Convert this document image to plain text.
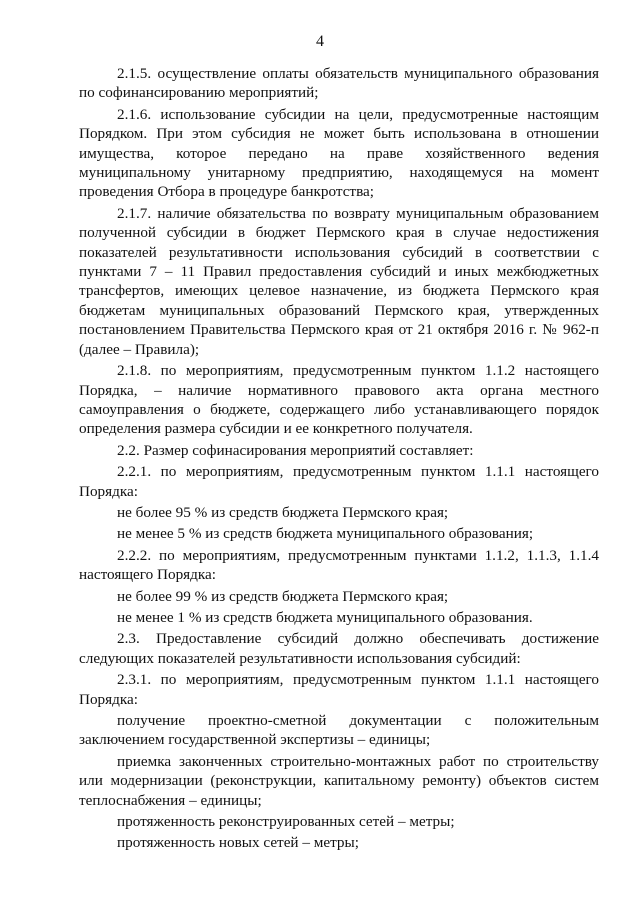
4

2.1.5. осуществление оплаты обязательств муниципального образования по софинансированию мероприятий;

2.1.6. использование субсидии на цели, предусмотренные настоящим Порядком. При этом субсидия не может быть использована в отношении имущества, которое передано на праве хозяйственного ведения муниципальному унитарному предприятию, находящемуся на момент проведения Отбора в процедуре банкротства;

2.1.7. наличие обязательства по возврату муниципальным образованием полученной субсидии в бюджет Пермского края в случае недостижения показателей результативности использования субсидий в соответствии с пунктами 7 – 11 Правил предоставления субсидий и иных межбюджетных трансфертов, имеющих целевое назначение, из бюджета Пермского края бюджетам муниципальных образований Пермского края, утвержденных постановлением Правительства Пермского края от 21 октября 2016 г. № 962-п (далее – Правила);

2.1.8. по мероприятиям, предусмотренным пунктом 1.1.2 настоящего Порядка, – наличие нормативного правового акта органа местного самоуправления о бюджете, содержащего либо устанавливающего порядок определения размера субсидии и ее конкретного получателя.

2.2. Размер софинасирования мероприятий составляет:

2.2.1. по мероприятиям, предусмотренным пунктом 1.1.1 настоящего Порядка:

не более 95 % из средств бюджета Пермского края;

не менее 5 % из средств бюджета муниципального образования;

2.2.2. по мероприятиям, предусмотренным пунктами 1.1.2, 1.1.3, 1.1.4 настоящего Порядка:

не более 99 % из средств бюджета Пермского края;

не менее 1 % из средств бюджета муниципального образования.

2.3. Предоставление субсидий должно обеспечивать достижение следующих показателей результативности использования субсидий:

2.3.1. по мероприятиям, предусмотренным пунктом 1.1.1 настоящего Порядка:

получение проектно-сметной документации с положительным заключением государственной экспертизы – единицы;

приемка законченных строительно-монтажных работ по строительству или модернизации (реконструкции, капитальному ремонту) объектов систем теплоснабжения – единицы;

протяженность реконструированных сетей – метры;

протяженность новых сетей – метры;
